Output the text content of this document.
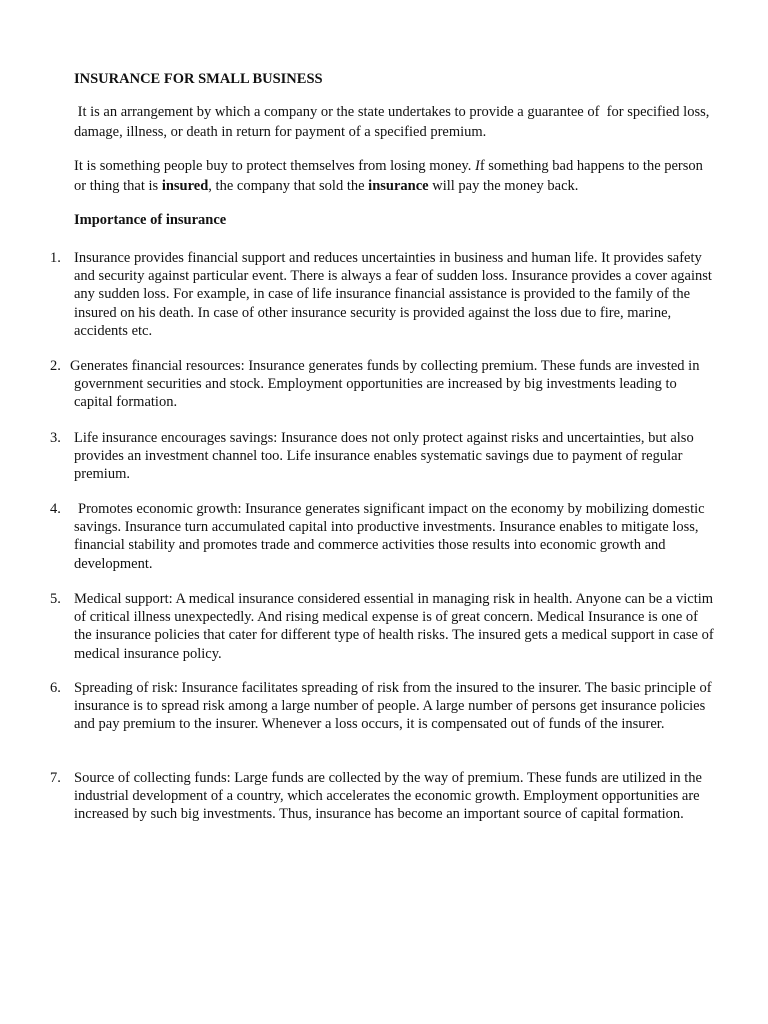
INSURANCE FOR SMALL BUSINESS
It is an arrangement by which a company or the state undertakes to provide a guarantee of  for specified loss, damage, illness, or death in return for payment of a specified premium.
It is something people buy to protect themselves from losing money. If something bad happens to the person or thing that is insured, the company that sold the insurance will pay the money back.
Importance of insurance
1. Insurance provides financial support and reduces uncertainties in business and human life. It provides safety and security against particular event. There is always a fear of sudden loss. Insurance provides a cover against any sudden loss. For example, in case of life insurance financial assistance is provided to the family of the insured on his death. In case of other insurance security is provided against the loss due to fire, marine, accidents etc.
2. Generates financial resources: Insurance generates funds by collecting premium. These funds are invested in government securities and stock. Employment opportunities are increased by big investments leading to capital formation.
3. Life insurance encourages savings: Insurance does not only protect against risks and uncertainties, but also provides an investment channel too. Life insurance enables systematic savings due to payment of regular premium.
4. Promotes economic growth: Insurance generates significant impact on the economy by mobilizing domestic savings. Insurance turn accumulated capital into productive investments. Insurance enables to mitigate loss, financial stability and promotes trade and commerce activities those results into economic growth and development.
5. Medical support: A medical insurance considered essential in managing risk in health. Anyone can be a victim of critical illness unexpectedly. And rising medical expense is of great concern. Medical Insurance is one of the insurance policies that cater for different type of health risks. The insured gets a medical support in case of medical insurance policy.
6. Spreading of risk: Insurance facilitates spreading of risk from the insured to the insurer. The basic principle of insurance is to spread risk among a large number of people. A large number of persons get insurance policies and pay premium to the insurer. Whenever a loss occurs, it is compensated out of funds of the insurer.
7. Source of collecting funds: Large funds are collected by the way of premium. These funds are utilized in the industrial development of a country, which accelerates the economic growth. Employment opportunities are increased by such big investments. Thus, insurance has become an important source of capital formation.
